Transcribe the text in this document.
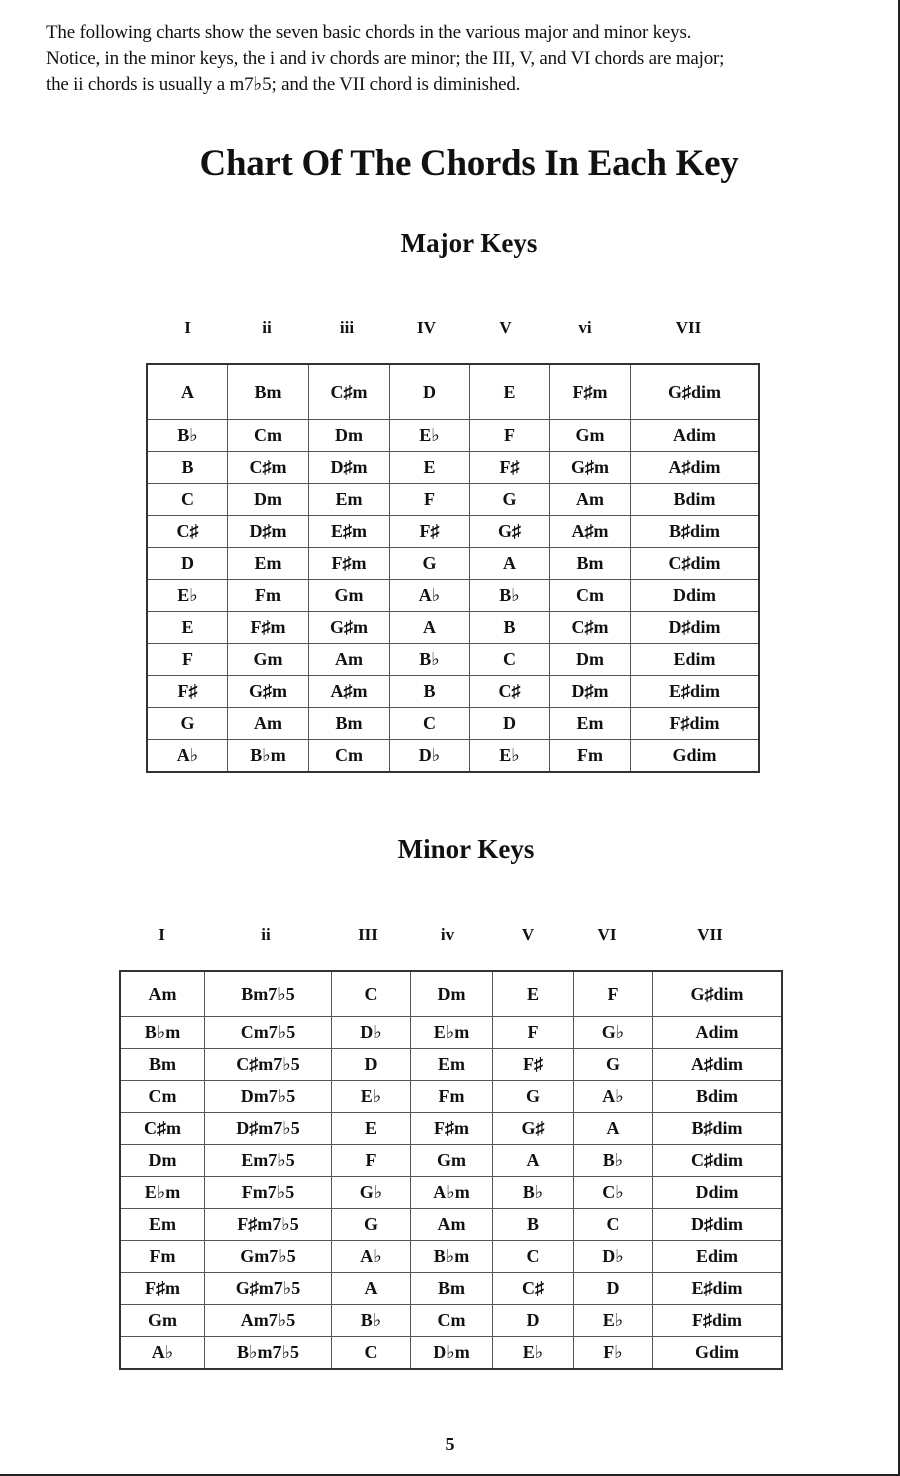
The following charts show the seven basic chords in the various major and minor keys.
Notice, in the minor keys, the i and iv chords are minor; the III, V, and VI chords are major;
the ii chords is usually a m7♭5; and the VII chord is diminished.

Chart Of The Chords In Each Key
Major Keys
I	ii	iii	IV	V	vi	VII
A	Bm	C♯m	D	E	F♯m	G♯dim
B♭	Cm	Dm	E♭	F	Gm	Adim
B	C♯m	D♯m	E	F♯	G♯m	A♯dim
C	Dm	Em	F	G	Am	Bdim
C♯	D♯m	E♯m	F♯	G♯	A♯m	B♯dim
D	Em	F♯m	G	A	Bm	C♯dim
E♭	Fm	Gm	A♭	B♭	Cm	Ddim
E	F♯m	G♯m	A	B	C♯m	D♯dim
F	Gm	Am	B♭	C	Dm	Edim
F♯	G♯m	A♯m	B	C♯	D♯m	E♯dim
G	Am	Bm	C	D	Em	F♯dim
A♭	B♭m	Cm	D♭	E♭	Fm	Gdim
Minor Keys
I	ii	III	iv	V	VI	VII
Am	Bm7♭5	C	Dm	E	F	G♯dim
B♭m	Cm7♭5	D♭	E♭m	F	G♭	Adim
Bm	C♯m7♭5	D	Em	F♯	G	A♯dim
Cm	Dm7♭5	E♭	Fm	G	A♭	Bdim
C♯m	D♯m7♭5	E	F♯m	G♯	A	B♯dim
Dm	Em7♭5	F	Gm	A	B♭	C♯dim
E♭m	Fm7♭5	G♭	A♭m	B♭	C♭	Ddim
Em	F♯m7♭5	G	Am	B	C	D♯dim
Fm	Gm7♭5	A♭	B♭m	C	D♭	Edim
F♯m	G♯m7♭5	A	Bm	C♯	D	E♯dim
Gm	Am7♭5	B♭	Cm	D	E♭	F♯dim
A♭	B♭m7♭5	C	D♭m	E♭	F♭	Gdim
5
